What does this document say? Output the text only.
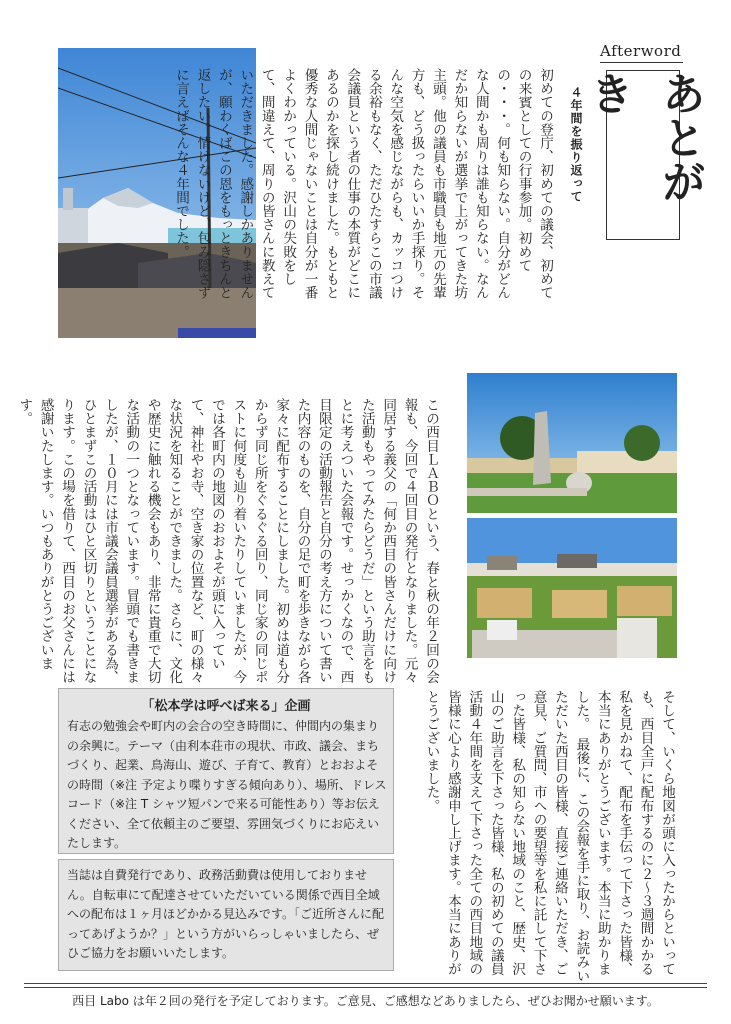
Afterword
あとがき
４年間を振り返って
初めての登庁、初めての議会、初めての来賓としての行事参加。初めての・・・。何も知らない。自分がどんな人間かも周りは誰も知らない。なんだか知らないが選挙で上がってきた坊主頭。他の議員も市職員も地元の先輩方も、どう扱ったらいいか手探り。そんな空気を感じながらも、カッコつける余裕もなく、ただひたすらこの市議会議員という者の仕事の本質がどこにあるのかを探し続けました。もともと優秀な人間じゃないことは自分が一番よくわかっている。沢山の失敗をして、間違えて、周りの皆さんに教えていただきました。感謝しかありませんが、願わくばこの恩をもっときちんと返したい。情けないけど、包み隠さずに言えばそんな４年間でした。
この西目ＬＡＢＯという、春と秋の年２回の会報も、今回で４回目の発行となりました。元々同居する義父の「何か西目の皆さんだけに向けた活動もやってみたらどうだ」という助言をもとに考えついた会報です。せっかくなので、西目限定の活動報告と自分の考え方について書いた内容のものを、自分の足で町を歩きながら各家々に配布することにしました。初めは道も分からず同じ所をぐるぐる回り、同じ家の同じポストに何度も辿り着いたりしていましたが、今では各町内の地図のおおよそが頭に入っていて、神社やお寺、空き家の位置など、町の様々な状況を知ることができました。さらに、文化や歴史に触れる機会もあり、非常に貴重で大切な活動の一つとなっています。冒頭でも書きましたが、１０月には市議会議員選挙がある為、ひとまずこの活動はひと区切りということになります。この場を借りて、西目のお父さんには感謝いたします。いつもありがとうございます。
そして、いくら地図が頭に入ったからといっても、西目全戸に配布するのに２〜３週間かかる私を見かねて、配布を手伝って下さった皆様、本当にありがとうございます。本当に助かりました。　最後に、この会報を手に取り、お読みいただいた西目の皆様、直接ご連絡いただき、ご意見、ご質問、市への要望等を私に託して下さった皆様、私の知らない地域のこと、歴史、沢山のご助言を下さった皆様、私の初めての議員活動４年間を支えて下さった全ての西目地域の皆様に心より感謝申し上げます。本当にありがとうございました。
「松本学は呼べば来る」企画
有志の勉強会や町内の会合の空き時間に、仲間内の集まりの余興に。テーマ（由利本荘市の現状、市政、議会、まちづくり、起業、鳥海山、遊び、子育て、教育）とおおよその時間（※注 予定より喋りすぎる傾向あり）、場所、ドレスコード（※注 T シャツ短パンで来る可能性あり）等お伝えください、全て依頼主のご要望、雰囲気づくりにお応えいたします。
当誌は自費発行であり、政務活動費は使用しておりません。自転車にて配達させていただいている関係で西目全域への配布は１ヶ月ほどかかる見込みです。「ご近所さんに配ってあげようか？」という方がいらっしゃいましたら、ぜひご協力をお願いいたします。
西目 Labo は年２回の発行を予定しております。ご意見、ご感想などありましたら、ぜひお聞かせ願います。
